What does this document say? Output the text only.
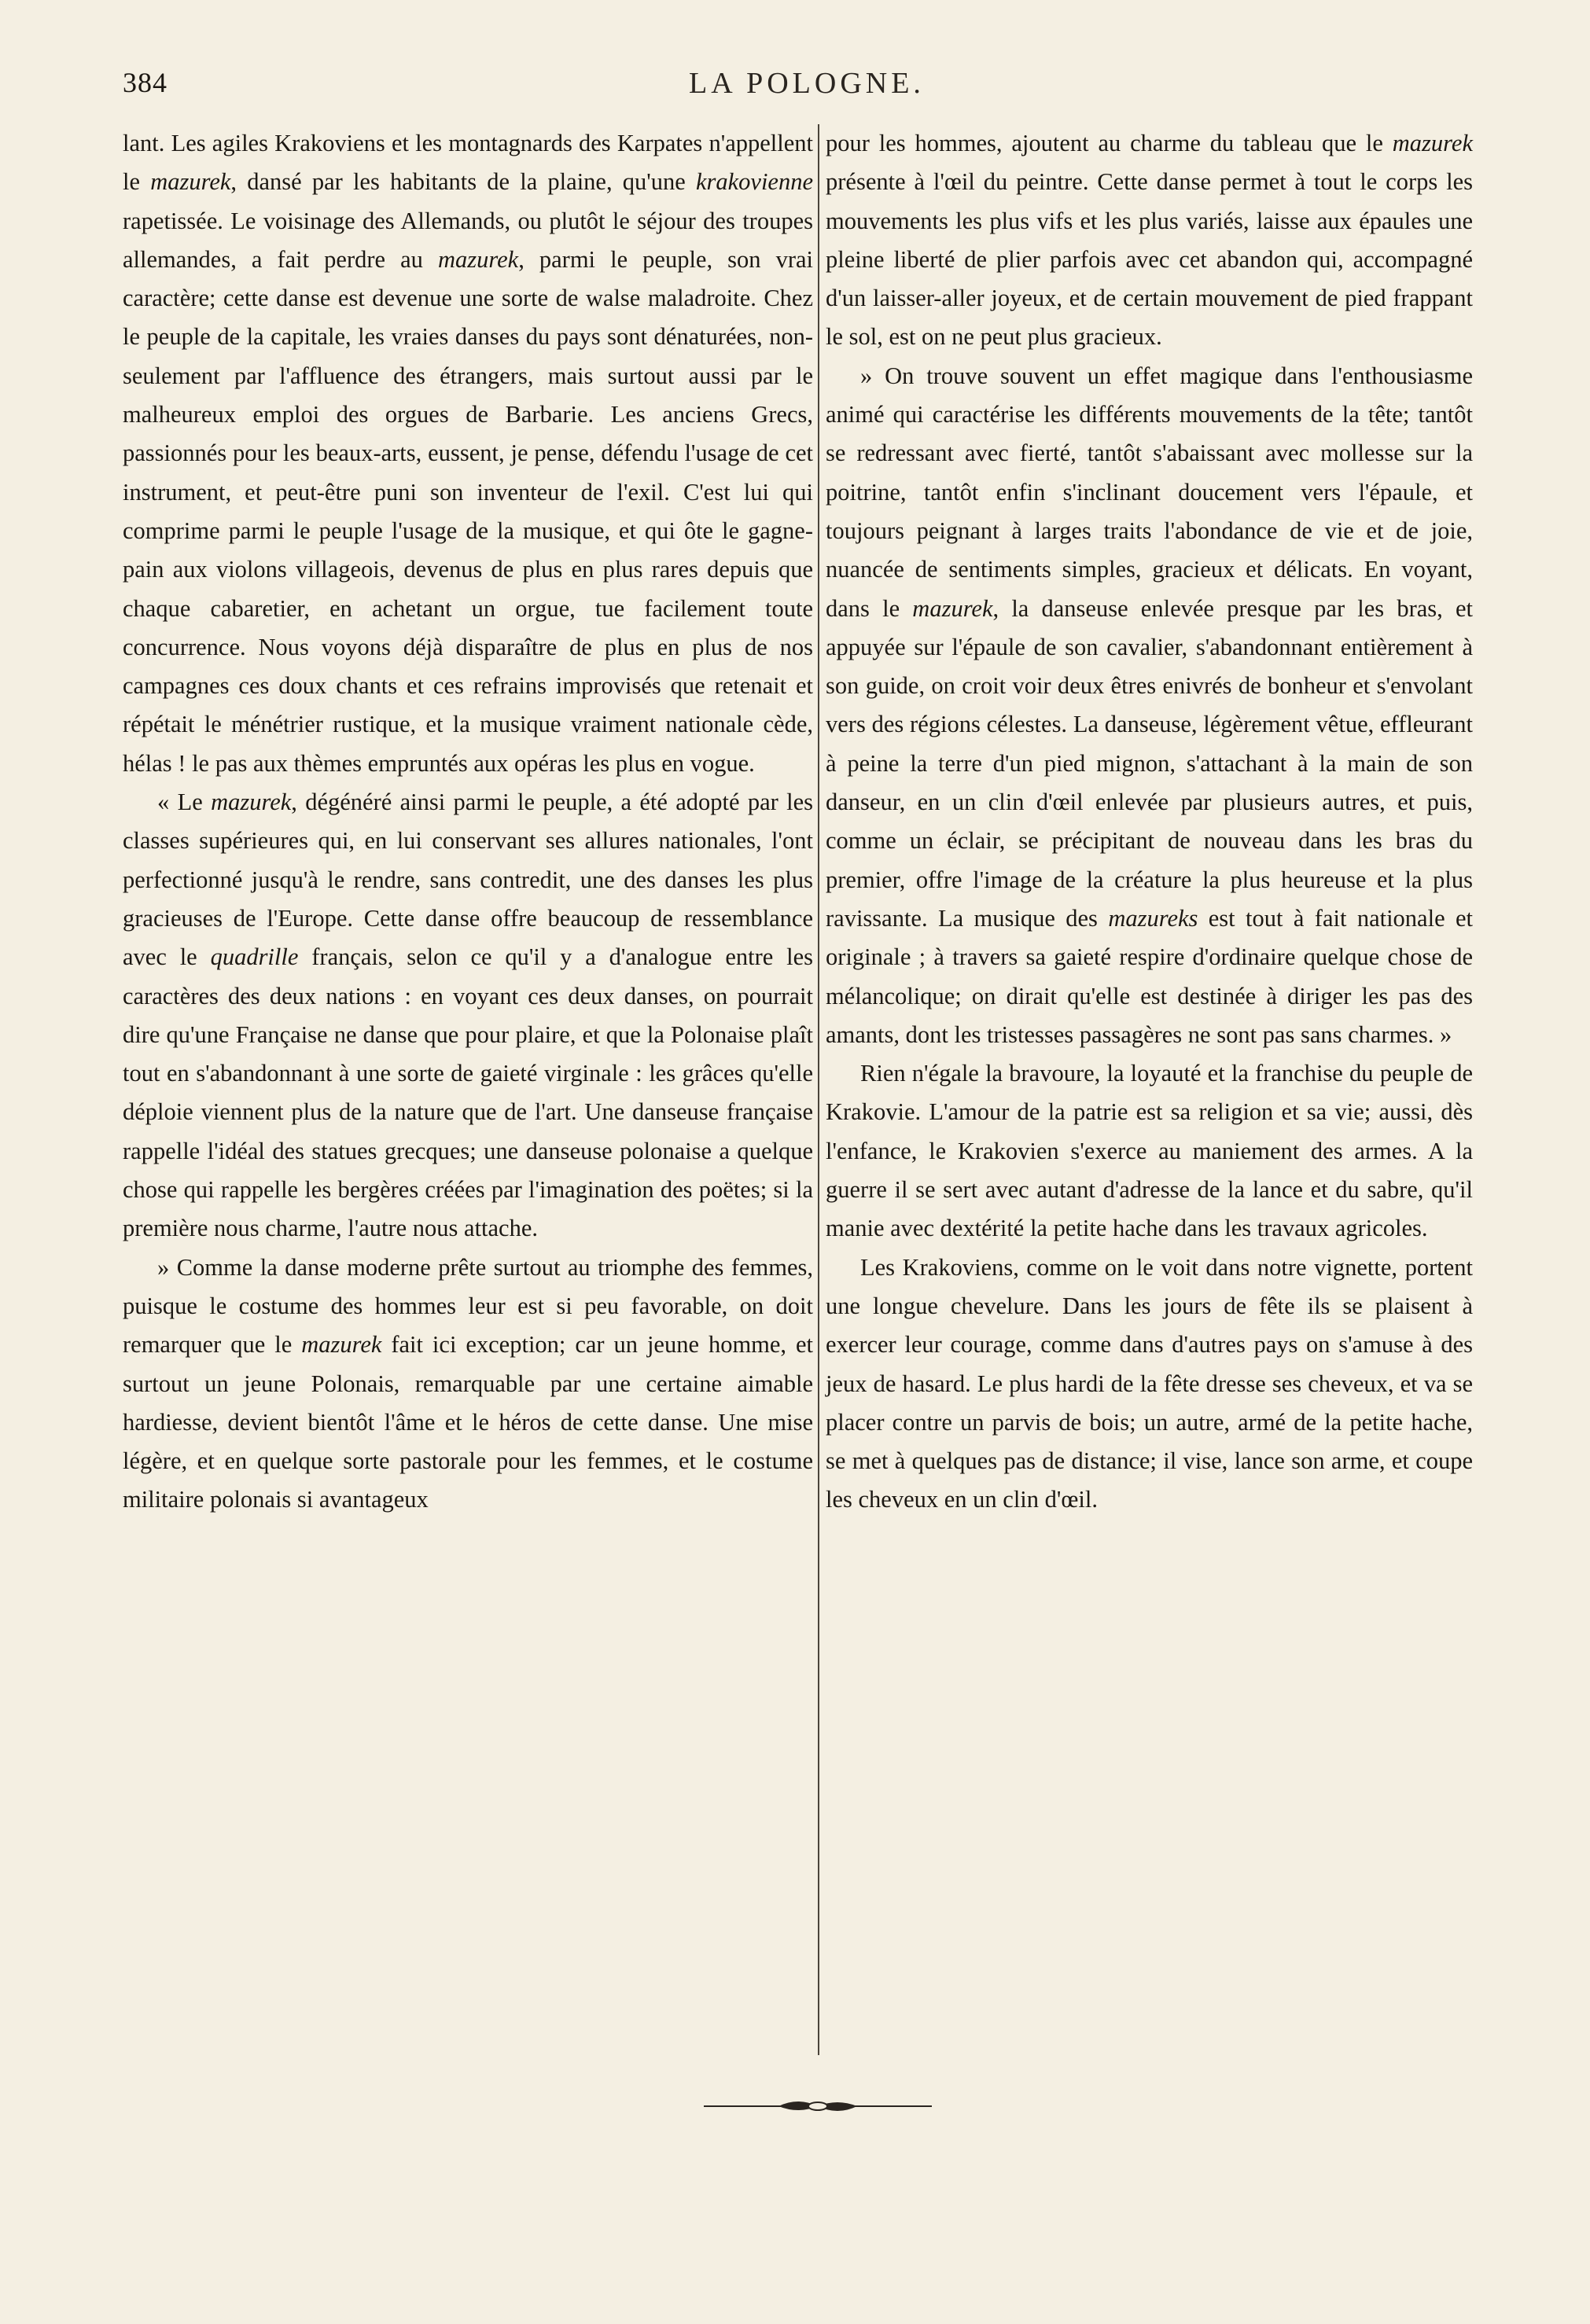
384	LA POLOGNE.

lant. Les agiles Krakoviens et les montagnards des Karpates n'appellent le mazurek, dansé par les habitants de la plaine, qu'une krakovienne rapetissée. Le voisinage des Allemands, ou plutôt le séjour des troupes allemandes, a fait perdre au mazurek, parmi le peuple, son vrai caractère; cette danse est devenue une sorte de walse maladroite. Chez le peuple de la capitale, les vraies danses du pays sont dénaturées, non-seulement par l'affluence des étrangers, mais surtout aussi par le malheureux emploi des orgues de Barbarie. Les anciens Grecs, passionnés pour les beaux-arts, eussent, je pense, défendu l'usage de cet instrument, et peut-être puni son inventeur de l'exil. C'est lui qui comprime parmi le peuple l'usage de la musique, et qui ôte le gagne-pain aux violons villageois, devenus de plus en plus rares depuis que chaque cabaretier, en achetant un orgue, tue facilement toute concurrence. Nous voyons déjà disparaître de plus en plus de nos campagnes ces doux chants et ces refrains improvisés que retenait et répétait le ménétrier rustique, et la musique vraiment nationale cède, hélas ! le pas aux thèmes empruntés aux opéras les plus en vogue.

« Le mazurek, dégénéré ainsi parmi le peuple, a été adopté par les classes supérieures qui, en lui conservant ses allures nationales, l'ont perfectionné jusqu'à le rendre, sans contredit, une des danses les plus gracieuses de l'Europe. Cette danse offre beaucoup de ressemblance avec le quadrille français, selon ce qu'il y a d'analogue entre les caractères des deux nations : en voyant ces deux danses, on pourrait dire qu'une Française ne danse que pour plaire, et que la Polonaise plaît tout en s'abandonnant à une sorte de gaieté virginale : les grâces qu'elle déploie viennent plus de la nature que de l'art. Une danseuse française rappelle l'idéal des statues grecques; une danseuse polonaise a quelque chose qui rappelle les bergères créées par l'imagination des poëtes; si la première nous charme, l'autre nous attache.

» Comme la danse moderne prête surtout au triomphe des femmes, puisque le costume des hommes leur est si peu favorable, on doit remarquer que le mazurek fait ici exception; car un jeune homme, et surtout un jeune Polonais, remarquable par une certaine aimable hardiesse, devient bientôt l'âme et le héros de cette danse. Une mise légère, et en quelque sorte pastorale pour les femmes, et le costume militaire polonais si avantageux

pour les hommes, ajoutent au charme du tableau que le mazurek présente à l'œil du peintre. Cette danse permet à tout le corps les mouvements les plus vifs et les plus variés, laisse aux épaules une pleine liberté de plier parfois avec cet abandon qui, accompagné d'un laisser-aller joyeux, et de certain mouvement de pied frappant le sol, est on ne peut plus gracieux.

» On trouve souvent un effet magique dans l'enthousiasme animé qui caractérise les différents mouvements de la tête; tantôt se redressant avec fierté, tantôt s'abaissant avec mollesse sur la poitrine, tantôt enfin s'inclinant doucement vers l'épaule, et toujours peignant à larges traits l'abondance de vie et de joie, nuancée de sentiments simples, gracieux et délicats. En voyant, dans le mazurek, la danseuse enlevée presque par les bras, et appuyée sur l'épaule de son cavalier, s'abandonnant entièrement à son guide, on croit voir deux êtres enivrés de bonheur et s'envolant vers des régions célestes. La danseuse, légèrement vêtue, effleurant à peine la terre d'un pied mignon, s'attachant à la main de son danseur, en un clin d'œil enlevée par plusieurs autres, et puis, comme un éclair, se précipitant de nouveau dans les bras du premier, offre l'image de la créature la plus heureuse et la plus ravissante. La musique des mazureks est tout à fait nationale et originale ; à travers sa gaieté respire d'ordinaire quelque chose de mélancolique; on dirait qu'elle est destinée à diriger les pas des amants, dont les tristesses passagères ne sont pas sans charmes. »

Rien n'égale la bravoure, la loyauté et la franchise du peuple de Krakovie. L'amour de la patrie est sa religion et sa vie; aussi, dès l'enfance, le Krakovien s'exerce au maniement des armes. A la guerre il se sert avec autant d'adresse de la lance et du sabre, qu'il manie avec dextérité la petite hache dans les travaux agricoles.

Les Krakoviens, comme on le voit dans notre vignette, portent une longue chevelure. Dans les jours de fête ils se plaisent à exercer leur courage, comme dans d'autres pays on s'amuse à des jeux de hasard. Le plus hardi de la fête dresse ses cheveux, et va se placer contre un parvis de bois; un autre, armé de la petite hache, se met à quelques pas de distance; il vise, lance son arme, et coupe les cheveux en un clin d'œil.
